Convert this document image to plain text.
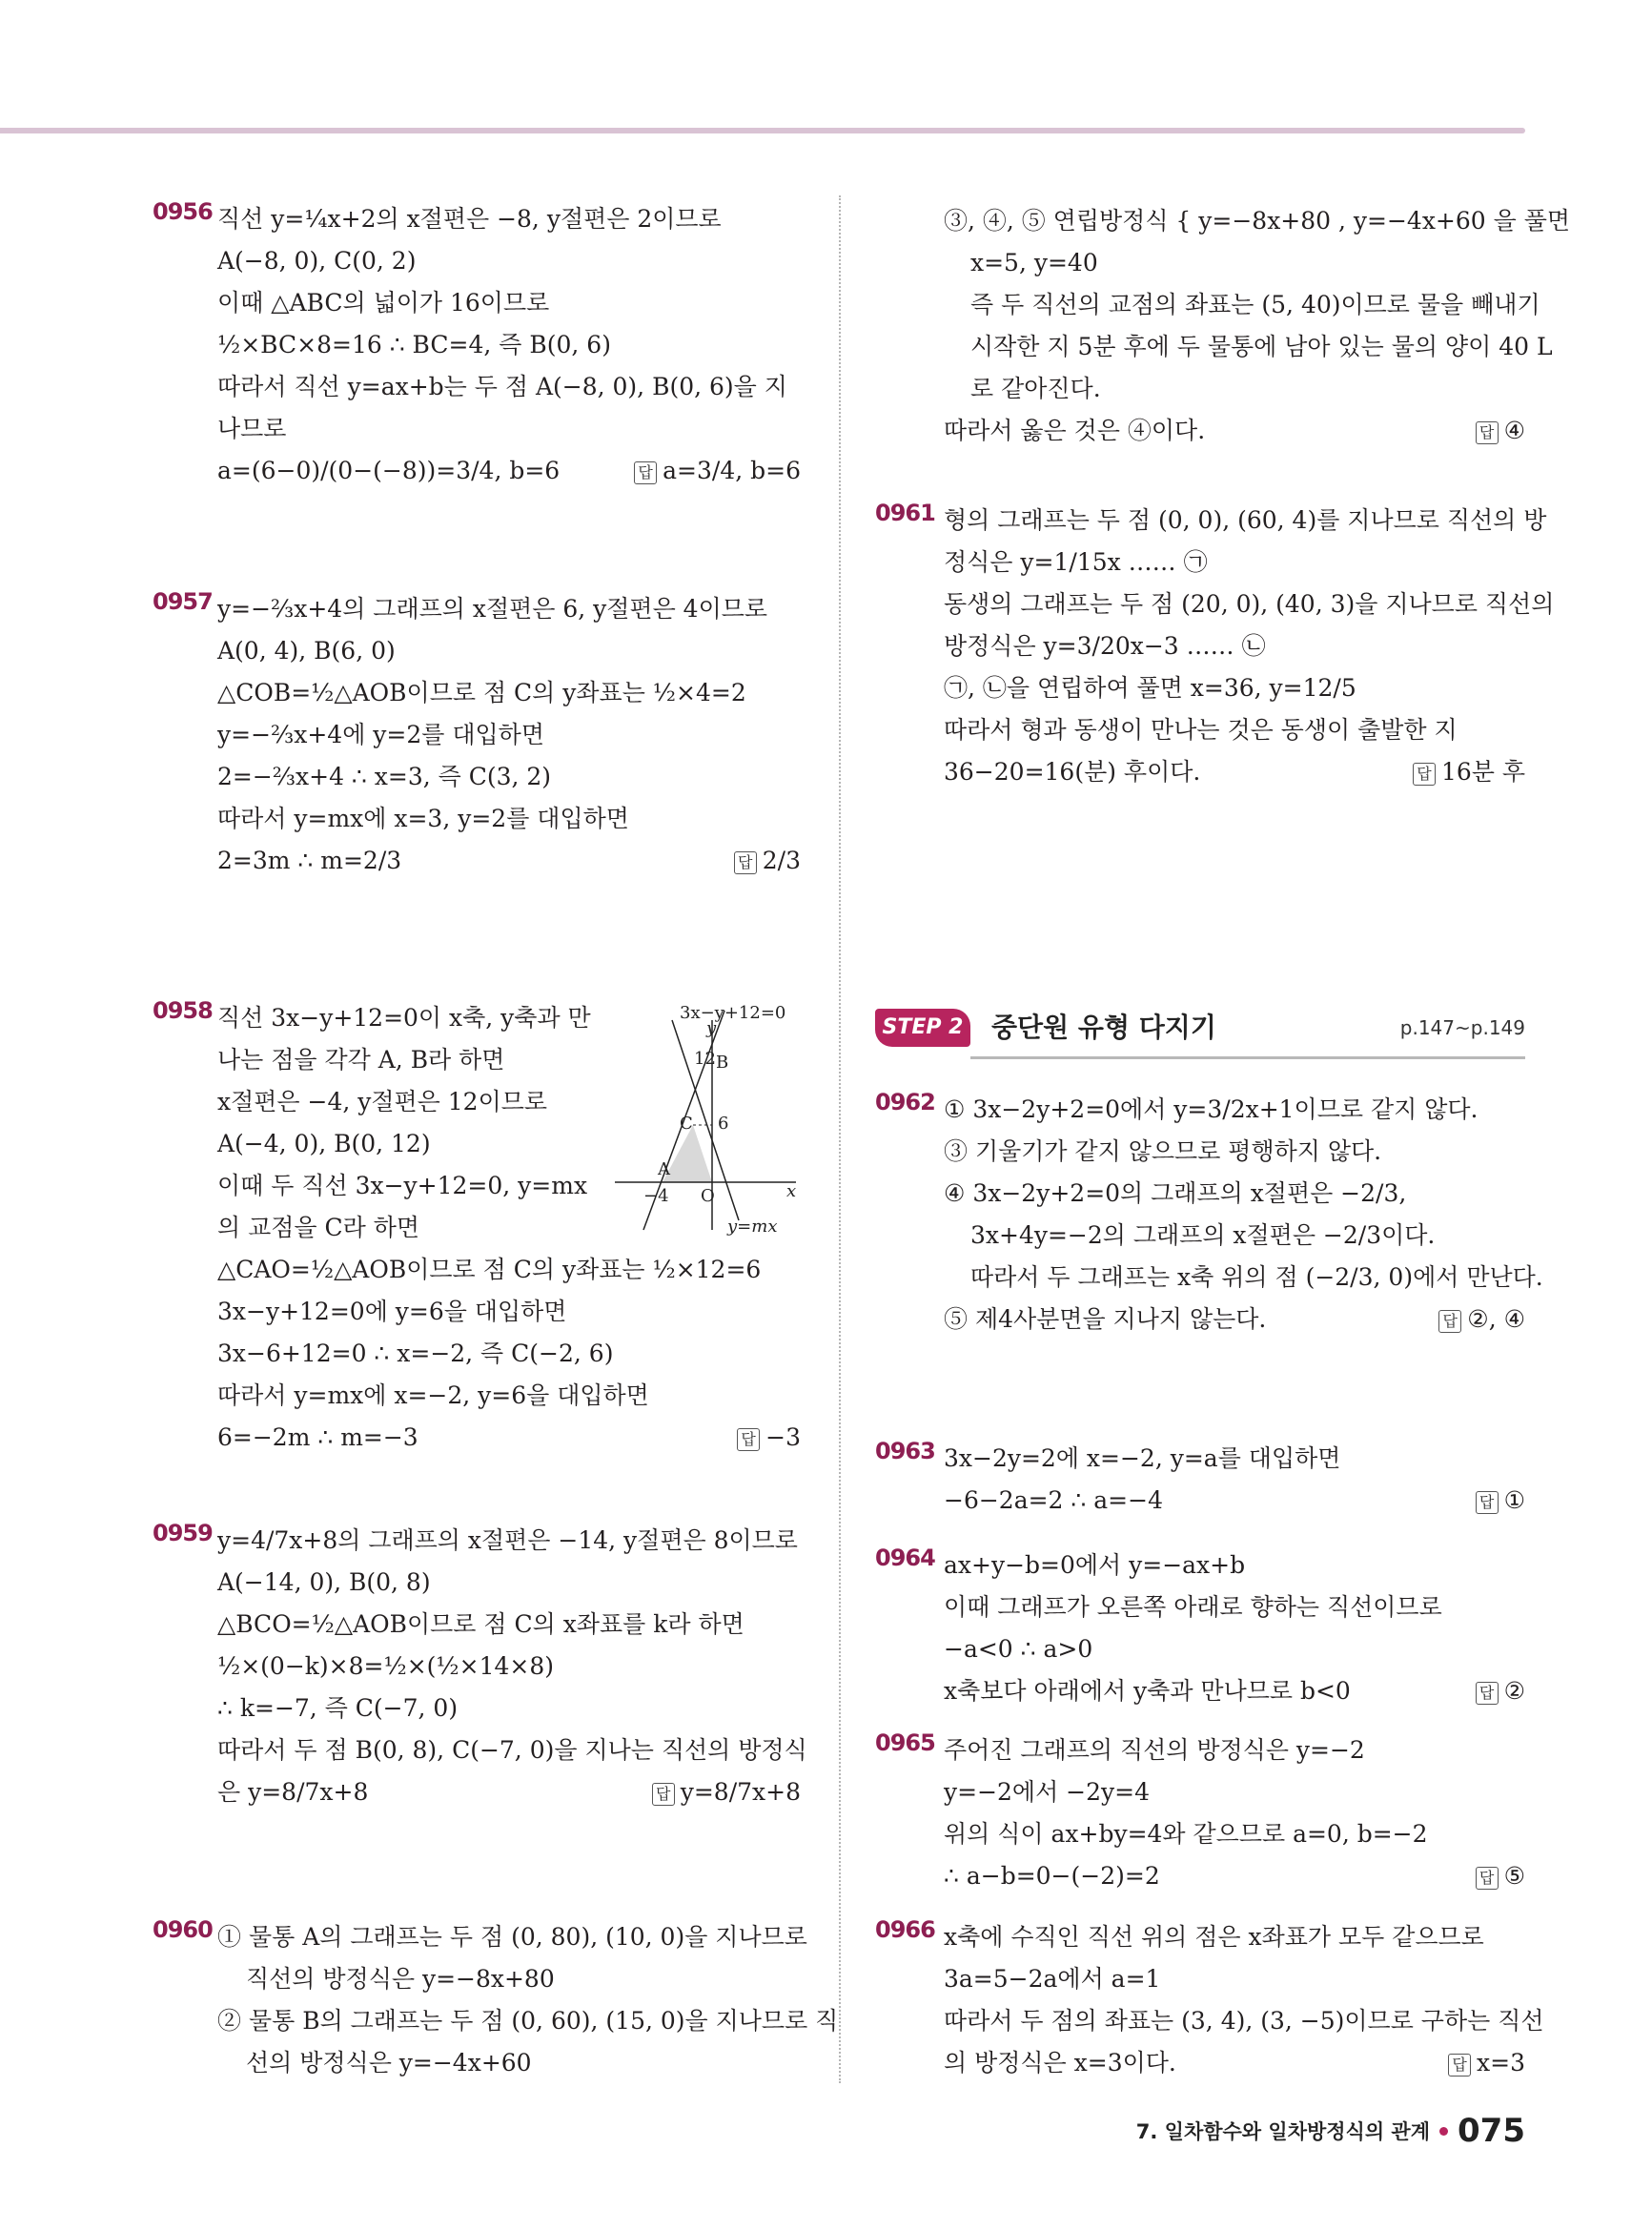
0956 직선 y=¹⁄₄x+2의 x절편은 −8, y절편은 2이므로
A(−8, 0), C(0, 2)
이때 △ABC의 넓이가 16이므로
½×BC×8=16 ∴ BC=4, 즉 B(0, 6)
따라서 직선 y=ax+b는 두 점 A(−8, 0), B(0, 6)을 지
나므로
a=(6−0)/(0−(−8))=3/4, b=6	답 a=3/4, b=6
0957 y=−⅔x+4의 그래프의 x절편은 6, y절편은 4이므로
A(0, 4), B(6, 0)
△COB=½△AOB이므로 점 C의 y좌표는 ½×4=2
y=−⅔x+4에 y=2를 대입하면
2=−⅔x+4 ∴ x=3, 즉 C(3, 2)
따라서 y=mx에 x=3, y=2를 대입하면
2=3m ∴ m=2/3	답 2/3
0958 직선 3x−y+12=0이 x축, y축과 만
나는 점을 각각 A, B라 하면
x절편은 −4, y절편은 12이므로
A(−4, 0), B(0, 12)
이때 두 직선 3x−y+12=0, y=mx
의 교점을 C라 하면
△CAO=½△AOB이므로 점 C의 y좌표는 ½×12=6
3x−y+12=0에 y=6을 대입하면
3x−6+12=0 ∴ x=−2, 즉 C(−2, 6)
따라서 y=mx에 x=−2, y=6을 대입하면
6=−2m ∴ m=−3	답 −3
3x−y+12=0
y
12 B
C 6
A
−4 O	x
y=mx
0959 y=4/7x+8의 그래프의 x절편은 −14, y절편은 8이므로
A(−14, 0), B(0, 8)
△BCO=½△AOB이므로 점 C의 x좌표를 k라 하면
½×(0−k)×8=½×(½×14×8)
∴ k=−7, 즉 C(−7, 0)
따라서 두 점 B(0, 8), C(−7, 0)을 지나는 직선의 방정식
은 y=8/7x+8	답 y=8/7x+8
0960 ① 물통 A의 그래프는 두 점 (0, 80), (10, 0)을 지나므로
직선의 방정식은 y=−8x+80
② 물통 B의 그래프는 두 점 (0, 60), (15, 0)을 지나므로 직
선의 방정식은 y=−4x+60
③, ④, ⑤ 연립방정식 { y=−8x+80 , y=−4x+60 을 풀면
x=5, y=40
즉 두 직선의 교점의 좌표는 (5, 40)이므로 물을 빼내기
시작한 지 5분 후에 두 물통에 남아 있는 물의 양이 40 L
로 같아진다.
따라서 옳은 것은 ④이다.	답 ④
0961 형의 그래프는 두 점 (0, 0), (60, 4)를 지나므로 직선의 방
정식은 y=1/15x …… ㉠
동생의 그래프는 두 점 (20, 0), (40, 3)을 지나므로 직선의
방정식은 y=3/20x−3 …… ㉡
㉠, ㉡을 연립하여 풀면 x=36, y=12/5
따라서 형과 동생이 만나는 것은 동생이 출발한 지
36−20=16(분) 후이다.	답 16분 후
STEP 2 중단원 유형 다지기	p.147~p.149
0962 ① 3x−2y+2=0에서 y=3/2x+1이므로 같지 않다.
③ 기울기가 같지 않으므로 평행하지 않다.
④ 3x−2y+2=0의 그래프의 x절편은 −2/3,
3x+4y=−2의 그래프의 x절편은 −2/3이다.
따라서 두 그래프는 x축 위의 점 (−2/3, 0)에서 만난다.
⑤ 제4사분면을 지나지 않는다.	답 ②, ④
0963 3x−2y=2에 x=−2, y=a를 대입하면
−6−2a=2 ∴ a=−4	답 ①
0964 ax+y−b=0에서 y=−ax+b
이때 그래프가 오른쪽 아래로 향하는 직선이므로
−a<0 ∴ a>0
x축보다 아래에서 y축과 만나므로 b<0	답 ②
0965 주어진 그래프의 직선의 방정식은 y=−2
y=−2에서 −2y=4
위의 식이 ax+by=4와 같으므로 a=0, b=−2
∴ a−b=0−(−2)=2	답 ⑤
0966 x축에 수직인 직선 위의 점은 x좌표가 모두 같으므로
3a=5−2a에서 a=1
따라서 두 점의 좌표는 (3, 4), (3, −5)이므로 구하는 직선
의 방정식은 x=3이다.	답 x=3
7. 일차함수와 일차방정식의 관계 075
